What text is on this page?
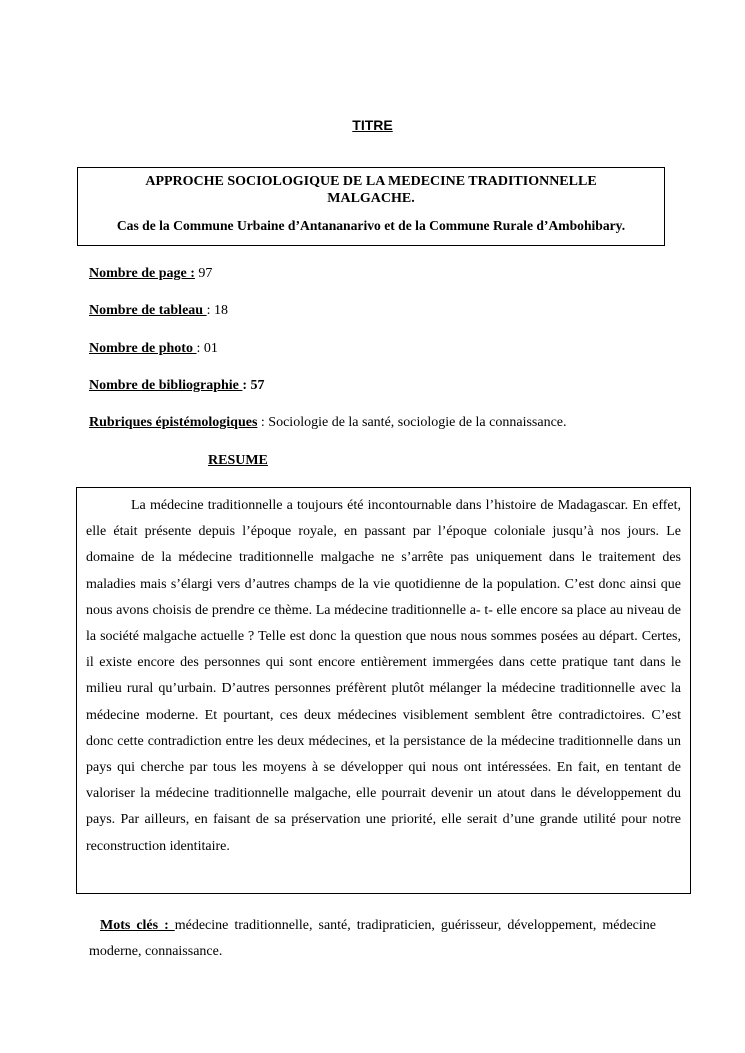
TITRE
APPROCHE SOCIOLOGIQUE DE LA MEDECINE TRADITIONNELLE MALGACHE.
Cas de la Commune Urbaine d’Antananarivo et de la Commune Rurale d’Ambohibary.
Nombre de page : 97
Nombre de tableau : 18
Nombre de photo : 01
Nombre de bibliographie : 57
Rubriques épistémologiques : Sociologie de la santé, sociologie de la connaissance.
RESUME

La médecine traditionnelle a toujours été incontournable dans l’histoire de Madagascar. En effet, elle était présente depuis l’époque royale, en passant par l’époque coloniale jusqu’à nos jours. Le domaine de la médecine traditionnelle malgache ne s’arrête pas uniquement dans le traitement des maladies mais s’élargi vers d’autres champs de la vie quotidienne de la population. C’est donc ainsi que nous avons choisis de prendre ce thème. La médecine traditionnelle a- t- elle encore sa place au niveau de la société malgache actuelle ? Telle est donc la question que nous nous sommes posées au départ. Certes, il existe encore des personnes qui sont encore entièrement immergées dans cette pratique tant dans le milieu rural qu’urbain. D’autres personnes préfèrent plutôt mélanger la médecine traditionnelle avec la médecine moderne. Et pourtant, ces deux médecines visiblement semblent être contradictoires. C’est donc cette contradiction entre les deux médecines, et la persistance de la médecine traditionnelle dans un pays qui cherche par tous les moyens à se développer qui nous ont intéressées. En fait, en tentant de valoriser la médecine traditionnelle malgache, elle pourrait devenir un atout dans le développement du pays. Par ailleurs, en faisant de sa préservation une priorité, elle serait d’une grande utilité pour notre reconstruction identitaire.

Mots clés : médecine traditionnelle, santé, tradipraticien, guérisseur, développement, médecine moderne, connaissance.
